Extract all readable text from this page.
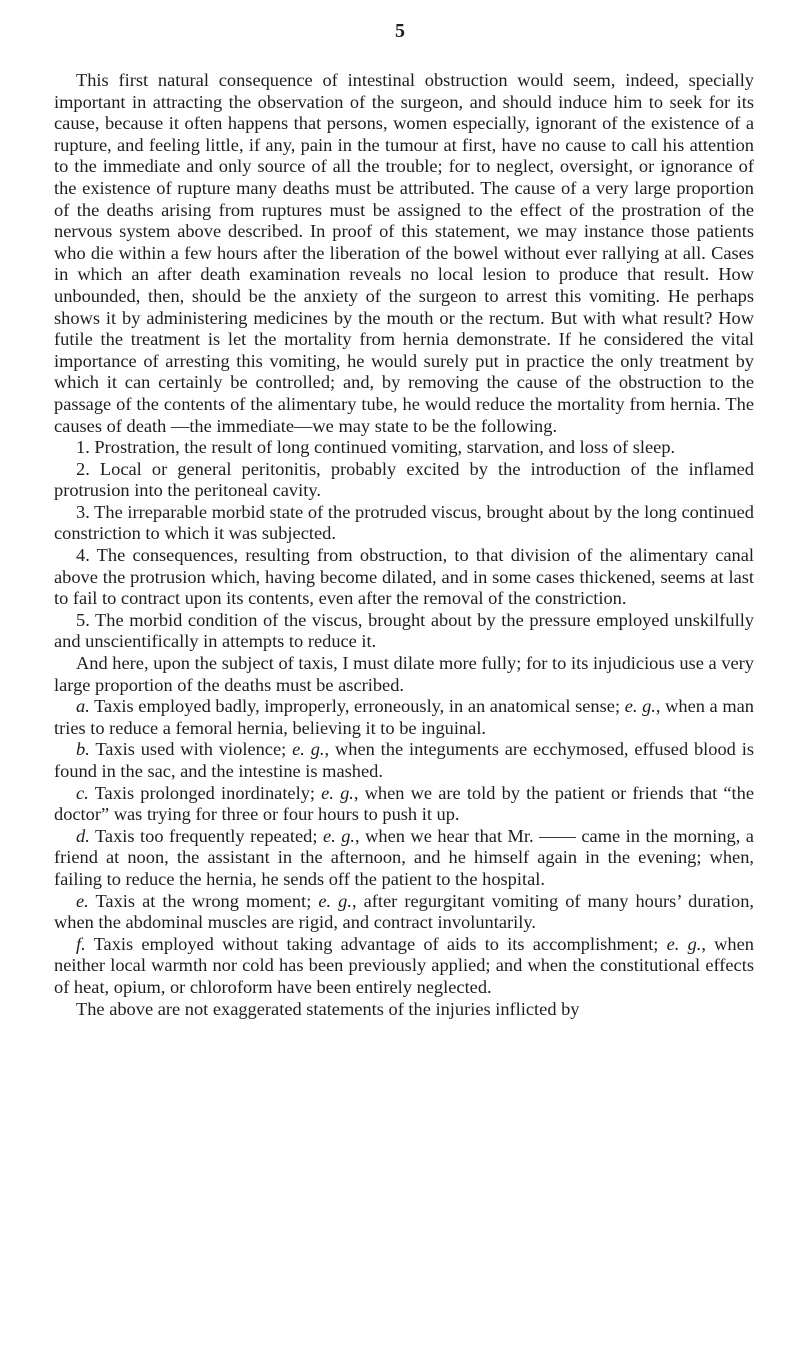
5

This first natural consequence of intestinal obstruction would seem, indeed, specially important in attracting the observation of the surgeon, and should induce him to seek for its cause, because it often happens that persons, women especially, ignorant of the existence of a rupture, and feeling little, if any, pain in the tumour at first, have no cause to call his attention to the immediate and only source of all the trouble; for to neglect, oversight, or ignorance of the existence of rupture many deaths must be attributed. The cause of a very large proportion of the deaths arising from ruptures must be assigned to the effect of the prostration of the nervous system above described. In proof of this statement, we may instance those patients who die within a few hours after the liberation of the bowel without ever rallying at all. Cases in which an after death examination reveals no local lesion to produce that result. How unbounded, then, should be the anxiety of the surgeon to arrest this vomiting. He perhaps shows it by administering medicines by the mouth or the rectum. But with what result? How futile the treatment is let the mortality from hernia demonstrate. If he considered the vital importance of arresting this vomiting, he would surely put in practice the only treatment by which it can certainly be controlled; and, by removing the cause of the obstruction to the passage of the contents of the alimentary tube, he would reduce the mortality from hernia. The causes of death —the immediate—we may state to be the following.

1. Prostration, the result of long continued vomiting, starvation, and loss of sleep.

2. Local or general peritonitis, probably excited by the introduction of the inflamed protrusion into the peritoneal cavity.

3. The irreparable morbid state of the protruded viscus, brought about by the long continued constriction to which it was subjected.

4. The consequences, resulting from obstruction, to that division of the alimentary canal above the protrusion which, having become dilated, and in some cases thickened, seems at last to fail to contract upon its contents, even after the removal of the constriction.

5. The morbid condition of the viscus, brought about by the pressure employed unskilfully and unscientifically in attempts to reduce it.

And here, upon the subject of taxis, I must dilate more fully; for to its injudicious use a very large proportion of the deaths must be ascribed.

a. Taxis employed badly, improperly, erroneously, in an anatomical sense; e. g., when a man tries to reduce a femoral hernia, believing it to be inguinal.

b. Taxis used with violence; e. g., when the integuments are ecchymosed, effused blood is found in the sac, and the intestine is mashed.

c. Taxis prolonged inordinately; e. g., when we are told by the patient or friends that “the doctor” was trying for three or four hours to push it up.

d. Taxis too frequently repeated; e. g., when we hear that Mr. —— came in the morning, a friend at noon, the assistant in the afternoon, and he himself again in the evening; when, failing to reduce the hernia, he sends off the patient to the hospital.

e. Taxis at the wrong moment; e. g., after regurgitant vomiting of many hours’ duration, when the abdominal muscles are rigid, and contract involuntarily.

f. Taxis employed without taking advantage of aids to its accomplishment; e. g., when neither local warmth nor cold has been previously applied; and when the constitutional effects of heat, opium, or chloroform have been entirely neglected.

The above are not exaggerated statements of the injuries inflicted by
